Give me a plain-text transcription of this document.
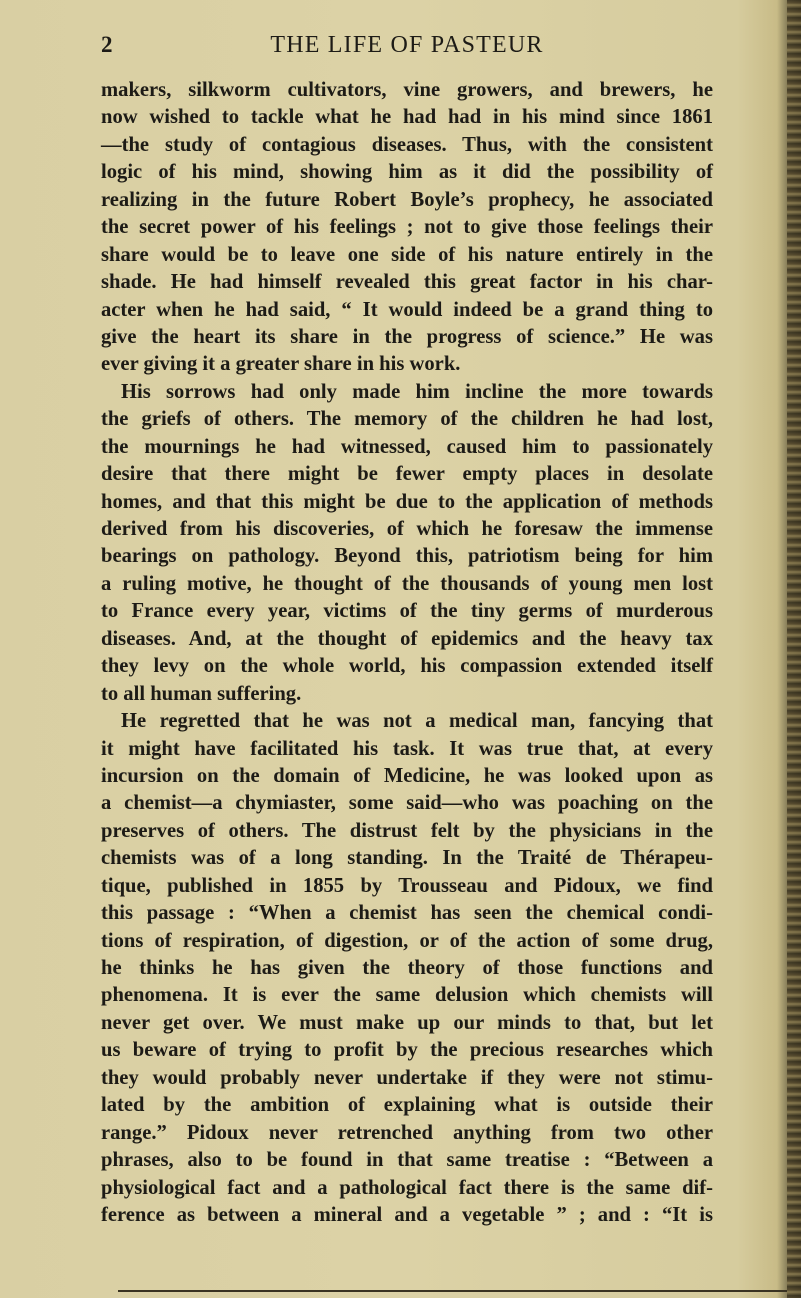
2	THE LIFE OF PASTEUR
makers, silkworm cultivators, vine growers, and brewers, he
now wished to tackle what he had had in his mind since 1861
—the study of contagious diseases. Thus, with the consistent
logic of his mind, showing him as it did the possibility of
realizing in the future Robert Boyle’s prophecy, he associated
the secret power of his feelings ; not to give those feelings their
share would be to leave one side of his nature entirely in the
shade. He had himself revealed this great factor in his char-
acter when he had said, “ It would indeed be a grand thing to
give the heart its share in the progress of science.” He was
ever giving it a greater share in his work.
His sorrows had only made him incline the more towards
the griefs of others. The memory of the children he had lost,
the mournings he had witnessed, caused him to passionately
desire that there might be fewer empty places in desolate
homes, and that this might be due to the application of methods
derived from his discoveries, of which he foresaw the immense
bearings on pathology. Beyond this, patriotism being for him
a ruling motive, he thought of the thousands of young men lost
to France every year, victims of the tiny germs of murderous
diseases. And, at the thought of epidemics and the heavy tax
they levy on the whole world, his compassion extended itself
to all human suffering.
He regretted that he was not a medical man, fancying that
it might have facilitated his task. It was true that, at every
incursion on the domain of Medicine, he was looked upon as
a chemist—a chymiaster, some said—who was poaching on the
preserves of others. The distrust felt by the physicians in the
chemists was of a long standing. In the Traité de Thérapeu-
tique, published in 1855 by Trousseau and Pidoux, we find
this passage : “When a chemist has seen the chemical condi-
tions of respiration, of digestion, or of the action of some drug,
he thinks he has given the theory of those functions and
phenomena. It is ever the same delusion which chemists will
never get over. We must make up our minds to that, but let
us beware of trying to profit by the precious researches which
they would probably never undertake if they were not stimu-
lated by the ambition of explaining what is outside their
range.” Pidoux never retrenched anything from two other
phrases, also to be found in that same treatise : “Between a
physiological fact and a pathological fact there is the same dif-
ference as between a mineral and a vegetable ” ; and : “It is
